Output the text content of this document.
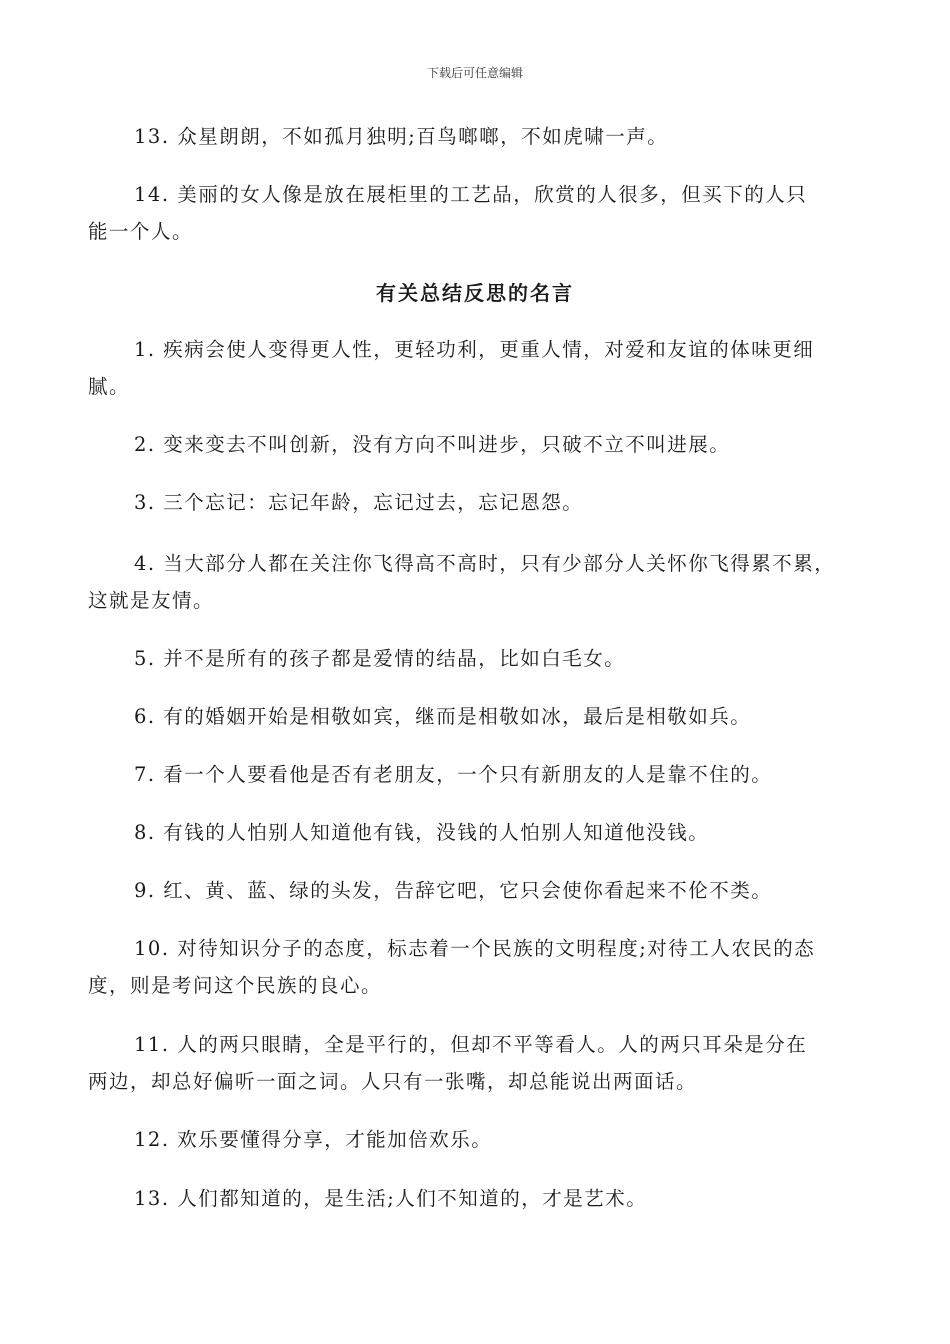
下载后可任意编辑
13. 众星朗朗，不如孤月独明;百鸟啷啷，不如虎啸一声。
14. 美丽的女人像是放在展柜里的工艺品，欣赏的人很多，但买下的人只
能一个人。
有关总结反思的名言
1. 疾病会使人变得更人性，更轻功利，更重人情，对爱和友谊的体味更细
腻。
2. 变来变去不叫创新，没有方向不叫进步，只破不立不叫进展。
3. 三个忘记：忘记年龄，忘记过去，忘记恩怨。
4. 当大部分人都在关注你飞得高不高时，只有少部分人关怀你飞得累不累，
这就是友情。
5. 并不是所有的孩子都是爱情的结晶，比如白毛女。
6. 有的婚姻开始是相敬如宾，继而是相敬如冰，最后是相敬如兵。
7. 看一个人要看他是否有老朋友，一个只有新朋友的人是靠不住的。
8. 有钱的人怕别人知道他有钱，没钱的人怕别人知道他没钱。
9. 红、黄、蓝、绿的头发，告辞它吧，它只会使你看起来不伦不类。
10. 对待知识分子的态度，标志着一个民族的文明程度;对待工人农民的态
度，则是考问这个民族的良心。
11. 人的两只眼睛，全是平行的，但却不平等看人。人的两只耳朵是分在
两边，却总好偏听一面之词。人只有一张嘴，却总能说出两面话。
12. 欢乐要懂得分享，才能加倍欢乐。
13. 人们都知道的，是生活;人们不知道的，才是艺术。
